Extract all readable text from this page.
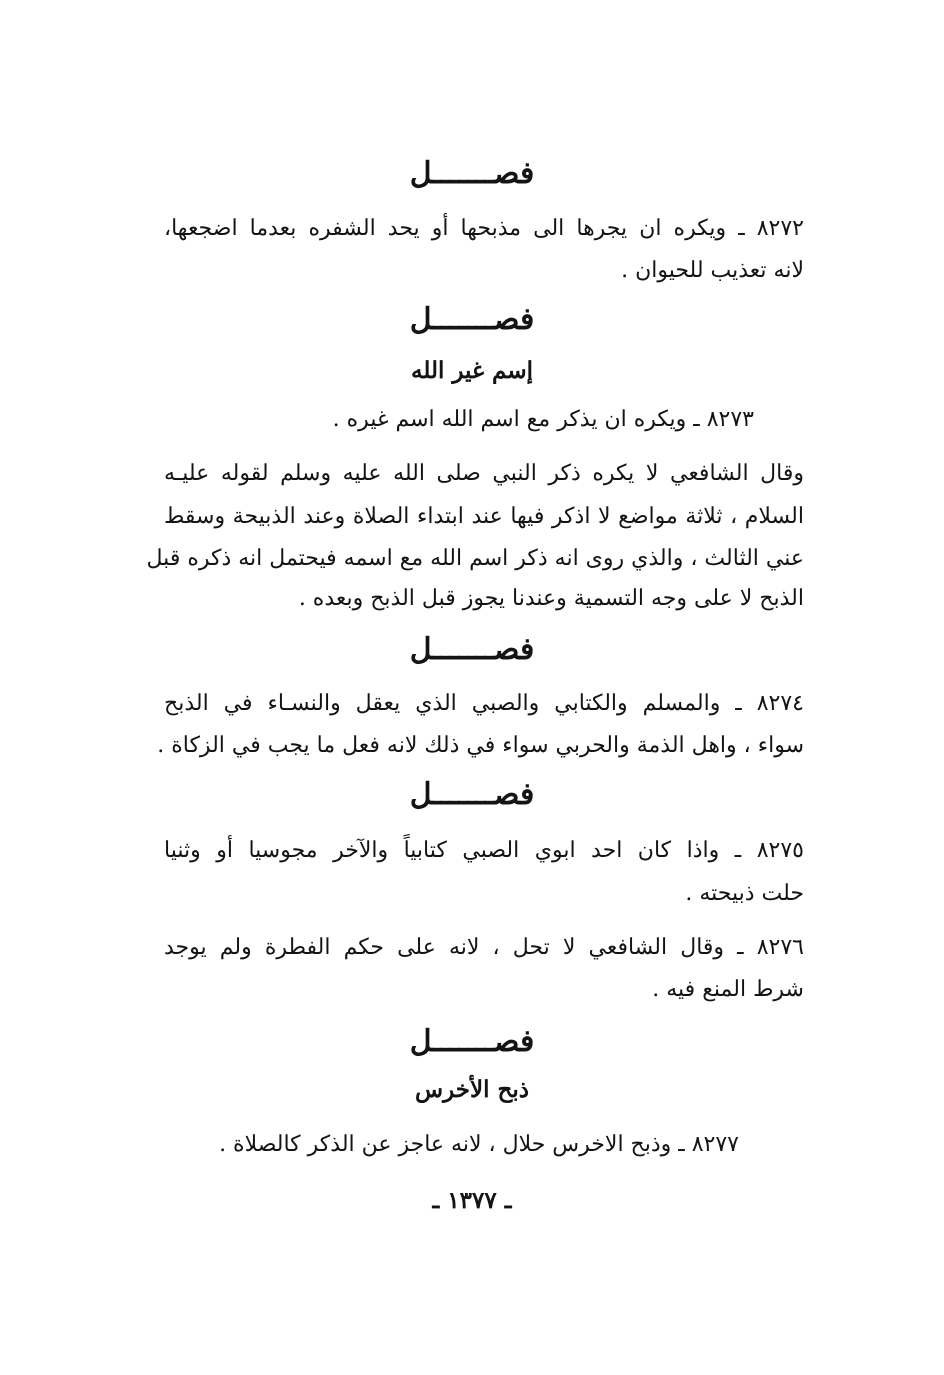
فصـــــــل
٨٢٧٢ ـ ويكره ان يجرها الى مذبحها أو يحد الشفره بعدما اضجعها،
لانه تعذيب للحيوان .
فصـــــــل
إسم غير الله
٨٢٧٣ ـ ويكره ان يذكر مع اسم الله اسم غيره .
وقال الشافعي لا يكره ذكر النبي صلى الله عليه وسلم لقوله عليـه
السلام ، ثلاثة مواضع لا اذكر فيها عند ابتداء الصلاة وعند الذبيحة وسقط
عني الثالث ، والذي روى انه ذكر اسم الله مع اسمه فيحتمل انه ذكره قبل
الذبح لا على وجه التسمية وعندنا يجوز قبل الذبح وبعده .
فصـــــــل
٨٢٧٤ ـ والمسلم والكتابي والصبي الذي يعقل والنسـاء في الذبح
سواء ، واهل الذمة والحربي سواء في ذلك لانه فعل ما يجب في الزكاة .
فصـــــــل
٨٢٧٥ ـ واذا كان احد ابوي الصبي كتابياً والآخر مجوسيا أو وثنيا
حلت ذبيحته .
٨٢٧٦ ـ وقال الشافعي لا تحل ، لانه على حكم الفطرة ولم يوجد
شرط المنع فيه .
فصـــــــل
ذبح الأخرس
٨٢٧٧ ـ وذبح الاخرس حلال ، لانه عاجز عن الذكر كالصلاة .
ـ ١٣٧٧ ـ
